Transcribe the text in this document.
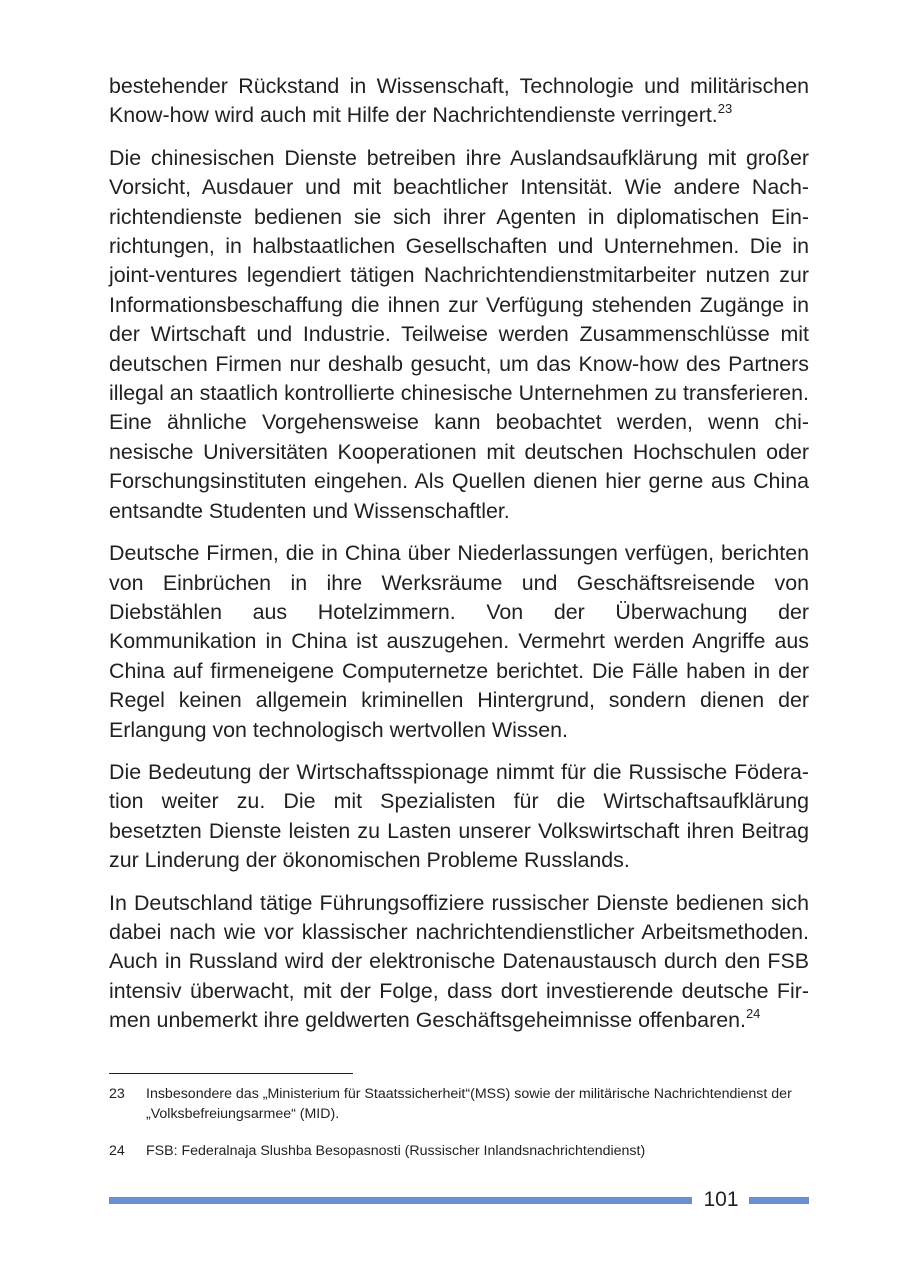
bestehender Rückstand in Wissenschaft, Technologie und militärischen Know-how wird auch mit Hilfe der Nachrichtendienste verringert.$^{23}$

Die chinesischen Dienste betreiben ihre Auslandsaufklärung mit großer Vorsicht, Ausdauer und mit beachtlicher Intensität. Wie andere Nachrichtendienste bedienen sie sich ihrer Agenten in diplomatischen Einrichtungen, in halbstaatlichen Gesellschaften und Unternehmen. Die in joint-ventures legendiert tätigen Nachrichtendienstmitarbeiter nutzen zur Informationsbeschaffung die ihnen zur Verfügung stehenden Zugänge in der Wirtschaft und Industrie. Teilweise werden Zusammenschlüsse mit deutschen Firmen nur deshalb gesucht, um das Know-how des Partners illegal an staatlich kontrollierte chinesische Unternehmen zu transferieren. Eine ähnliche Vorgehensweise kann beobachtet werden, wenn chinesische Universitäten Kooperationen mit deutschen Hochschulen oder Forschungsinstituten eingehen. Als Quellen dienen hier gerne aus China entsandte Studenten und Wissenschaftler.

Deutsche Firmen, die in China über Niederlassungen verfügen, berichten von Einbrüchen in ihre Werksräume und Geschäftsreisende von Diebstählen aus Hotelzimmern. Von der Überwachung der Kommunikation in China ist auszugehen. Vermehrt werden Angriffe aus China auf firmeneigene Computernetze berichtet. Die Fälle haben in der Regel keinen allgemein kriminellen Hintergrund, sondern dienen der Erlangung von technologisch wertvollen Wissen.

Die Bedeutung der Wirtschaftsspionage nimmt für die Russische Föderation weiter zu. Die mit Spezialisten für die Wirtschaftsaufklärung besetzten Dienste leisten zu Lasten unserer Volkswirtschaft ihren Beitrag zur Linderung der ökonomischen Probleme Russlands.

In Deutschland tätige Führungsoffiziere russischer Dienste bedienen sich dabei nach wie vor klassischer nachrichtendienstlicher Arbeitsmethoden. Auch in Russland wird der elektronische Datenaustausch durch den FSB intensiv überwacht, mit der Folge, dass dort investierende deutsche Firmen unbemerkt ihre geldwerten Geschäftsgeheimnisse offenbaren.$^{24}$

23	Insbesondere das „Ministerium für Staatssicherheit“(MSS) sowie der militärische Nachrichtendienst der „Volksbefreiungsarmee“ (MID).
24	FSB: Federalnaja Slushba Besopasnosti (Russischer Inlandsnachrichtendienst)
101
